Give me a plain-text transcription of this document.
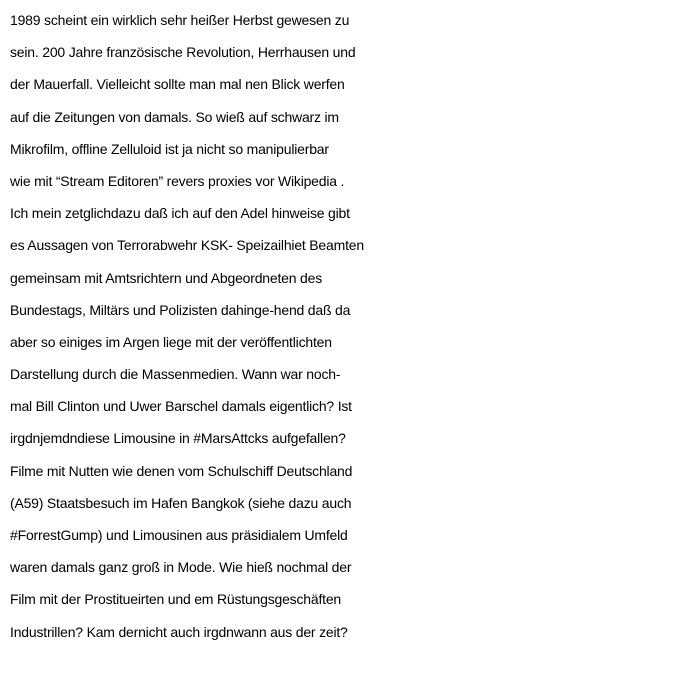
1989 scheint ein wirklich sehr heißer Herbst gewesen zu
sein. 200 Jahre französische Revolution, Herrhausen und
der Mauerfall. Vielleicht sollte man mal nen Blick werfen
auf die Zeitungen von damals. So wieß auf schwarz im
Mikrofilm, offline Zelluloid ist ja nicht so manipulierbar
wie mit “Stream Editoren” revers proxies vor Wikipedia .
Ich mein zetglichdazu daß ich auf den Adel hinweise gibt
es Aussagen von Terrorabwehr KSK- Speizailhiet Beamten
gemeinsam mit Amtsrichtern und Abgeordneten des
Bundestags, Miltärs und Polizisten dahinge-hend daß da
aber so einiges im Argen liege mit der veröffentlichten
Darstellung durch die Massenmedien. Wann war noch-
mal Bill Clinton und Uwer Barschel damals eigentlich? Ist
irgdnjemdndiese Limousine in #MarsAttcks aufgefallen?
Filme mit Nutten wie denen vom Schulschiff Deutschland
(A59) Staatsbesuch im Hafen Bangkok (siehe dazu auch
#ForrestGump) und Limousinen aus präsidialem Umfeld
waren damals ganz groß in Mode. Wie hieß nochmal der
Film mit der Prostitueirten und em Rüstungsgeschäften
Industrillen? Kam dernicht auch irgdnwann aus der zeit?
